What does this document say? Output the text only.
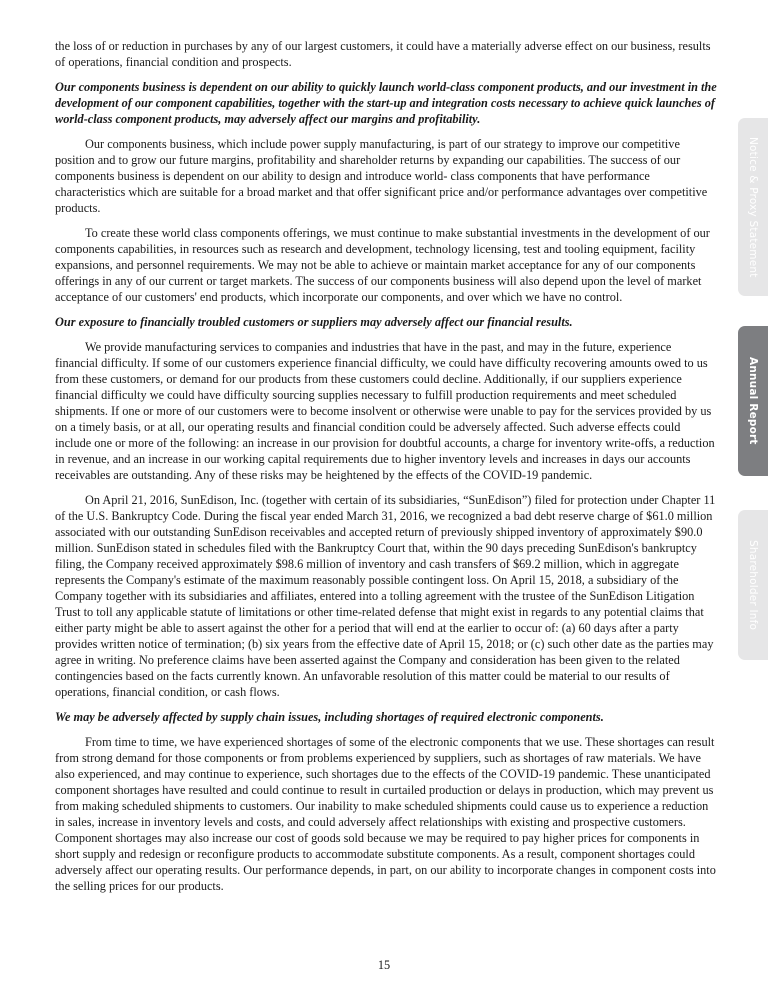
the loss of or reduction in purchases by any of our largest customers, it could have a materially adverse effect on our business, results of operations, financial condition and prospects.

Our components business is dependent on our ability to quickly launch world-class component products, and our investment in the development of our component capabilities, together with the start-up and integration costs necessary to achieve quick launches of world-class component products, may adversely affect our margins and profitability.

Our components business, which include power supply manufacturing, is part of our strategy to improve our competitive position and to grow our future margins, profitability and shareholder returns by expanding our capabilities. The success of our components business is dependent on our ability to design and introduce world- class components that have performance characteristics which are suitable for a broad market and that offer significant price and/or performance advantages over competitive products.

To create these world class components offerings, we must continue to make substantial investments in the development of our components capabilities, in resources such as research and development, technology licensing, test and tooling equipment, facility expansions, and personnel requirements. We may not be able to achieve or maintain market acceptance for any of our components offerings in any of our current or target markets. The success of our components business will also depend upon the level of market acceptance of our customers' end products, which incorporate our components, and over which we have no control.

Our exposure to financially troubled customers or suppliers may adversely affect our financial results.

We provide manufacturing services to companies and industries that have in the past, and may in the future, experience financial difficulty. If some of our customers experience financial difficulty, we could have difficulty recovering amounts owed to us from these customers, or demand for our products from these customers could decline. Additionally, if our suppliers experience financial difficulty we could have difficulty sourcing supplies necessary to fulfill production requirements and meet scheduled shipments. If one or more of our customers were to become insolvent or otherwise were unable to pay for the services provided by us on a timely basis, or at all, our operating results and financial condition could be adversely affected. Such adverse effects could include one or more of the following: an increase in our provision for doubtful accounts, a charge for inventory write-offs, a reduction in revenue, and an increase in our working capital requirements due to higher inventory levels and increases in days our accounts receivables are outstanding. Any of these risks may be heightened by the effects of the COVID-19 pandemic.

On April 21, 2016, SunEdison, Inc. (together with certain of its subsidiaries, “SunEdison”) filed for protection under Chapter 11 of the U.S. Bankruptcy Code. During the fiscal year ended March 31, 2016, we recognized a bad debt reserve charge of $61.0 million associated with our outstanding SunEdison receivables and accepted return of previously shipped inventory of approximately $90.0 million. SunEdison stated in schedules filed with the Bankruptcy Court that, within the 90 days preceding SunEdison's bankruptcy filing, the Company received approximately $98.6 million of inventory and cash transfers of $69.2 million, which in aggregate represents the Company's estimate of the maximum reasonably possible contingent loss. On April 15, 2018, a subsidiary of the Company together with its subsidiaries and affiliates, entered into a tolling agreement with the trustee of the SunEdison Litigation Trust to toll any applicable statute of limitations or other time-related defense that might exist in regards to any potential claims that either party might be able to assert against the other for a period that will end at the earlier to occur of: (a) 60 days after a party provides written notice of termination; (b) six years from the effective date of April 15, 2018; or (c) such other date as the parties may agree in writing. No preference claims have been asserted against the Company and consideration has been given to the related contingencies based on the facts currently known. An unfavorable resolution of this matter could be material to our results of operations, financial condition, or cash flows.

We may be adversely affected by supply chain issues, including shortages of required electronic components.

From time to time, we have experienced shortages of some of the electronic components that we use. These shortages can result from strong demand for those components or from problems experienced by suppliers, such as shortages of raw materials. We have also experienced, and may continue to experience, such shortages due to the effects of the COVID-19 pandemic. These unanticipated component shortages have resulted and could continue to result in curtailed production or delays in production, which may prevent us from making scheduled shipments to customers. Our inability to make scheduled shipments could cause us to experience a reduction in sales, increase in inventory levels and costs, and could adversely affect relationships with existing and prospective customers. Component shortages may also increase our cost of goods sold because we may be required to pay higher prices for components in short supply and redesign or reconfigure products to accommodate substitute components. As a result, component shortages could adversely affect our operating results. Our performance depends, in part, on our ability to incorporate changes in component costs into the selling prices for our products.

15
Notice & Proxy Statement
Annual Report
Shareholder Info
